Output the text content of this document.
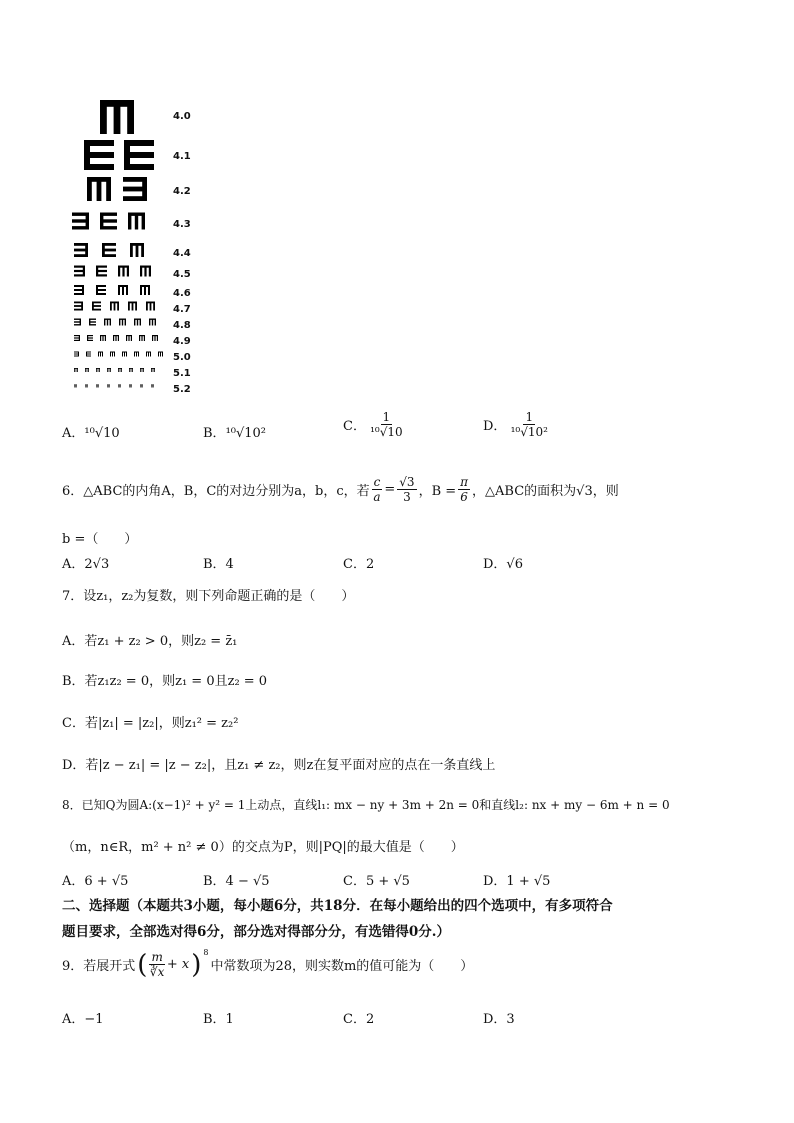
4.0
4.1
4.2
4.3
4.4
4.5
4.6
4.7
4.8
4.9
5.0
5.1
5.2
A．¹⁰√10	B．¹⁰√10²	C． $\frac{1}{\text{¹⁰√10}}$	D． $\frac{1}{\text{¹⁰√10²}}$
6．△ABC的内角A，B，C的对边分别为a，b，c，若 $\frac{c}{a} = \frac{√3}{3}$ ，$B = \frac{\pi}{6}$ ，△ABC的面积为√3，则
b =（　　）
A．2√3	B．4	C．2	D．√6
7．设z₁，z₂为复数，则下列命题正确的是（　　）
A．若z₁ + z₂ > 0，则z₂ = z̄₁
B．若z₁z₂ = 0，则z₁ = 0且z₂ = 0
C．若|z₁| = |z₂|，则z₁² = z₂²
D．若|z − z₁| = |z − z₂|，且z₁ ≠ z₂，则z在复平面对应的点在一条直线上
8．已知Q为圆A:(x−1)² + y² = 1上动点，直线l₁: mx − ny + 3m + 2n = 0和直线l₂: nx + my − 6m + n = 0
（m，n∈R，m² + n² ≠ 0）的交点为P，则|PQ|的最大值是（　　）
A．6 + √5	B．4 − √5	C．5 + √5	D．1 + √5
二、选择题（本题共3小题，每小题6分，共18分．在每小题给出的四个选项中，有多项符合
题目要求，全部选对得6分，部分选对得部分分，有选错得0分.）
9．若展开式 ( $\frac{m}{∛x} + x$ ) $^8$
中常数项为28，则实数m的值可能为（　　）
A．−1	B．1	C．2	D．3
